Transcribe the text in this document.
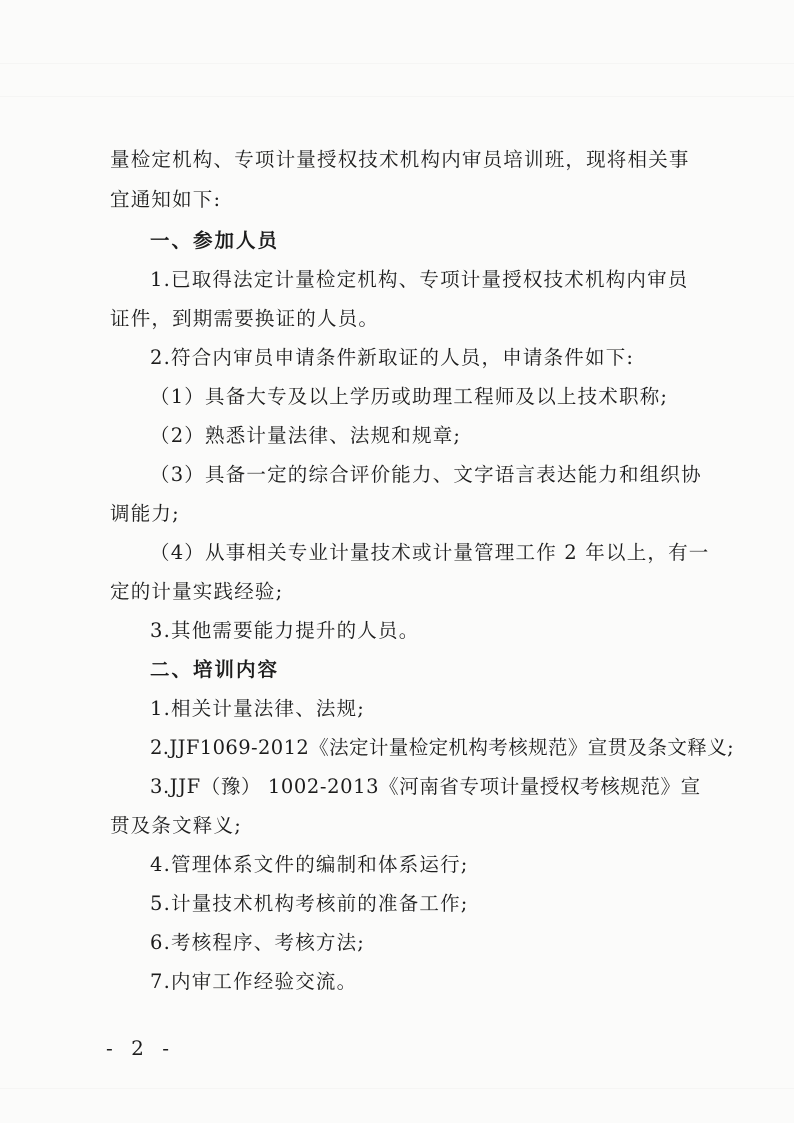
量检定机构、专项计量授权技术机构内审员培训班，现将相关事
宜通知如下:
一、参加人员
1.已取得法定计量检定机构、专项计量授权技术机构内审员
证件，到期需要换证的人员。
2.符合内审员申请条件新取证的人员，申请条件如下:
（1）具备大专及以上学历或助理工程师及以上技术职称;
（2）熟悉计量法律、法规和规章;
（3）具备一定的综合评价能力、文字语言表达能力和组织协
调能力;
（4）从事相关专业计量技术或计量管理工作 2 年以上，有一
定的计量实践经验;
3.其他需要能力提升的人员。
二、培训内容
1.相关计量法律、法规;
2.JJF1069-2012《法定计量检定机构考核规范》宣贯及条文释义;
3.JJF（豫） 1002-2013《河南省专项计量授权考核规范》宣
贯及条文释义;
4.管理体系文件的编制和体系运行;
5.计量技术机构考核前的准备工作;
6.考核程序、考核方法;
7.内审工作经验交流。
- 2 -
